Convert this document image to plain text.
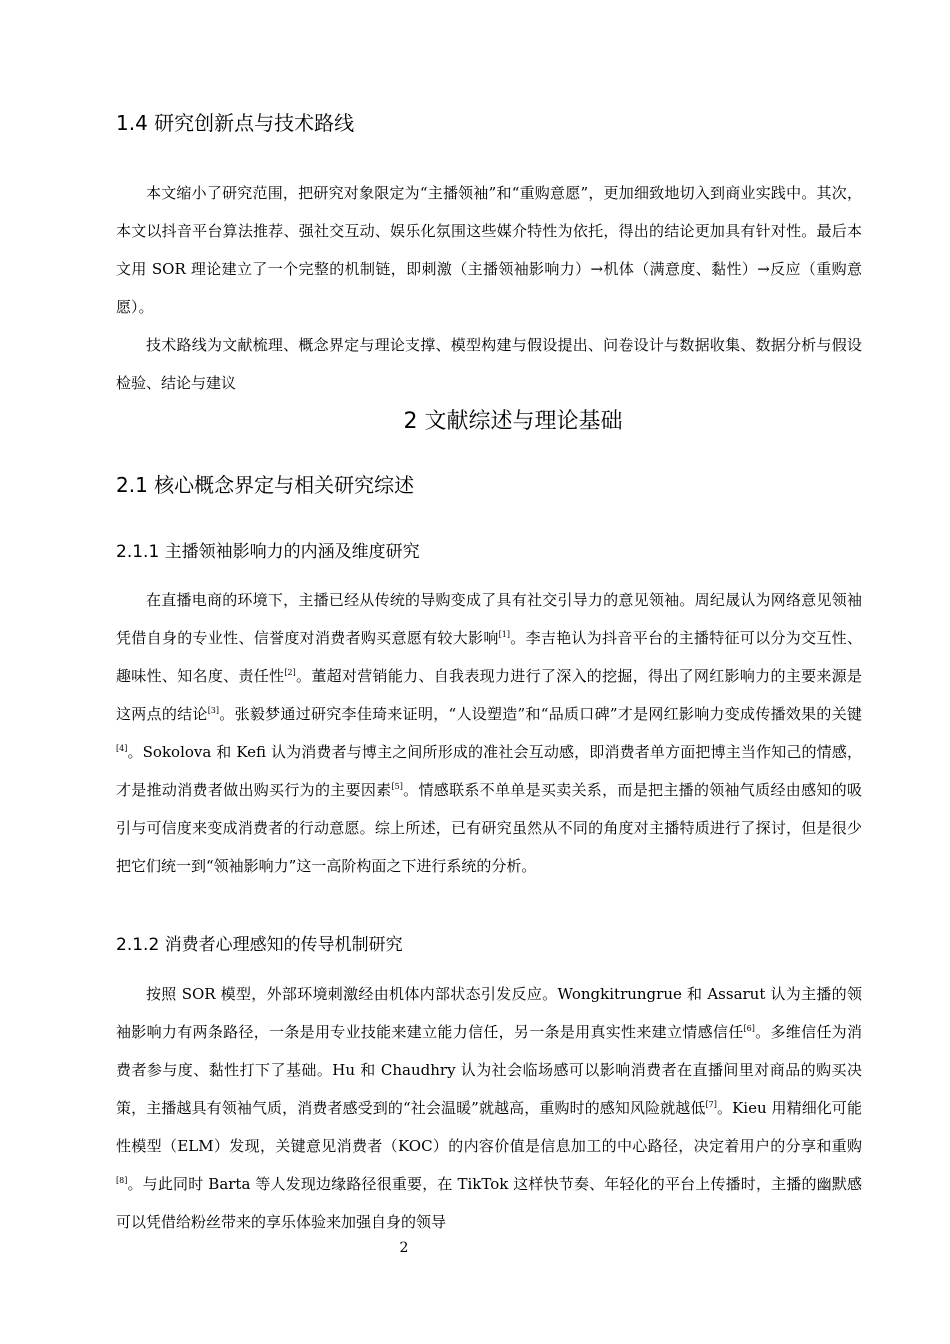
1.4 研究创新点与技术路线

本文缩小了研究范围，把研究对象限定为“主播领袖”和“重购意愿”，更加细致地切入到商业实践中。其次，本文以抖音平台算法推荐、强社交互动、娱乐化氛围这些媒介特性为依托，得出的结论更加具有针对性。最后本文用 SOR 理论建立了一个完整的机制链，即刺激（主播领袖影响力）→机体（满意度、黏性）→反应（重购意愿）。

技术路线为文献梳理、概念界定与理论支撑、模型构建与假设提出、问卷设计与数据收集、数据分析与假设检验、结论与建议

2 文献综述与理论基础
2.1 核心概念界定与相关研究综述
2.1.1 主播领袖影响力的内涵及维度研究

在直播电商的环境下，主播已经从传统的导购变成了具有社交引导力的意见领袖。周纪晟认为网络意见领袖凭借自身的专业性、信誉度对消费者购买意愿有较大影响[1]。李吉艳认为抖音平台的主播特征可以分为交互性、趣味性、知名度、责任性[2]。董超对营销能力、自我表现力进行了深入的挖掘，得出了网红影响力的主要来源是这两点的结论[3]。张毅梦通过研究李佳琦来证明，“人设塑造”和“品质口碑”才是网红影响力变成传播效果的关键[4]。Sokolova 和 Kefi 认为消费者与博主之间所形成的准社会互动感，即消费者单方面把博主当作知己的情感，才是推动消费者做出购买行为的主要因素[5]。情感联系不单单是买卖关系，而是把主播的领袖气质经由感知的吸引与可信度来变成消费者的行动意愿。综上所述，已有研究虽然从不同的角度对主播特质进行了探讨，但是很少把它们统一到“领袖影响力”这一高阶构面之下进行系统的分析。

2.1.2 消费者心理感知的传导机制研究

按照 SOR 模型，外部环境刺激经由机体内部状态引发反应。Wongkitrungrue 和 Assarut 认为主播的领袖影响力有两条路径，一条是用专业技能来建立能力信任，另一条是用真实性来建立情感信任[6]。多维信任为消费者参与度、黏性打下了基础。Hu 和 Chaudhry 认为社会临场感可以影响消费者在直播间里对商品的购买决策，主播越具有领袖气质，消费者感受到的“社会温暖”就越高，重购时的感知风险就越低[7]。Kieu 用精细化可能性模型（ELM）发现，关键意见消费者（KOC）的内容价值是信息加工的中心路径，决定着用户的分享和重购[8]。与此同时 Barta 等人发现边缘路径很重要，在 TikTok 这样快节奏、年轻化的平台上传播时，主播的幽默感可以凭借给粉丝带来的享乐体验来加强自身的领导

2
